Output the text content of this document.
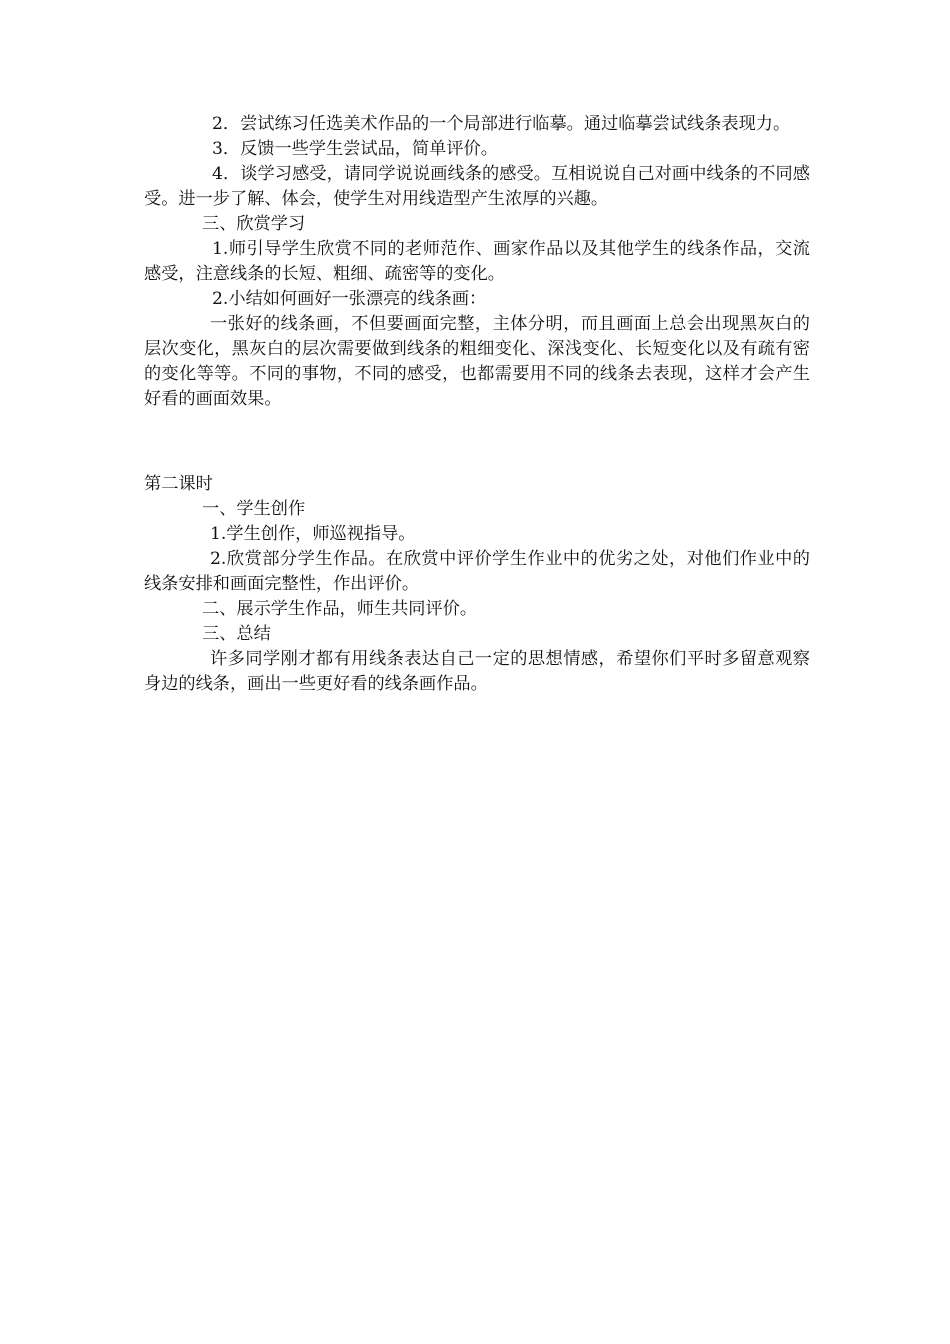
2．尝试练习任选美术作品的一个局部进行临摹。通过临摹尝试线条表现力。

3．反馈一些学生尝试品，简单评价。

4．谈学习感受，请同学说说画线条的感受。互相说说自己对画中线条的不同感受。进一步了解、体会，使学生对用线造型产生浓厚的兴趣。

三、欣赏学习

1.师引导学生欣赏不同的老师范作、画家作品以及其他学生的线条作品，交流感受，注意线条的长短、粗细、疏密等的变化。

2.小结如何画好一张漂亮的线条画：

一张好的线条画，不但要画面完整，主体分明，而且画面上总会出现黑灰白的层次变化，黑灰白的层次需要做到线条的粗细变化、深浅变化、长短变化以及有疏有密的变化等等。不同的事物，不同的感受，也都需要用不同的线条去表现，这样才会产生好看的画面效果。

第二课时

一、学生创作

1.学生创作，师巡视指导。

2.欣赏部分学生作品。在欣赏中评价学生作业中的优劣之处，对他们作业中的线条安排和画面完整性，作出评价。

二、展示学生作品，师生共同评价。

三、总结

许多同学刚才都有用线条表达自己一定的思想情感，希望你们平时多留意观察身边的线条，画出一些更好看的线条画作品。
